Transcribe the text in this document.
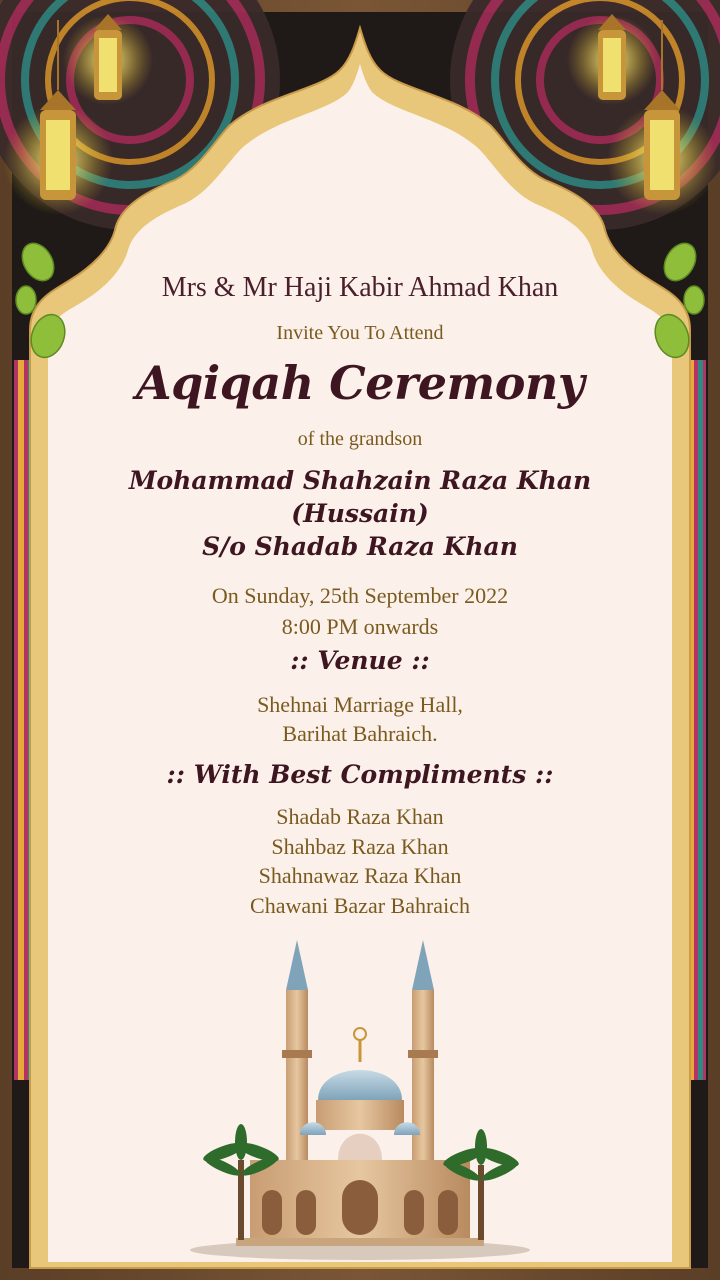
Mrs & Mr Haji Kabir Ahmad Khan
Invite You To Attend
Aqiqah Ceremony
of the grandson
Mohammad Shahzain Raza Khan
(Hussain)
S/o Shadab Raza Khan
On Sunday, 25th September 2022
8:00 PM onwards
:: Venue ::
Shehnai Marriage Hall,
Barihat Bahraich.
:: With Best Compliments ::
Shadab Raza Khan
Shahbaz Raza Khan
Shahnawaz Raza Khan
Chawani Bazar Bahraich
